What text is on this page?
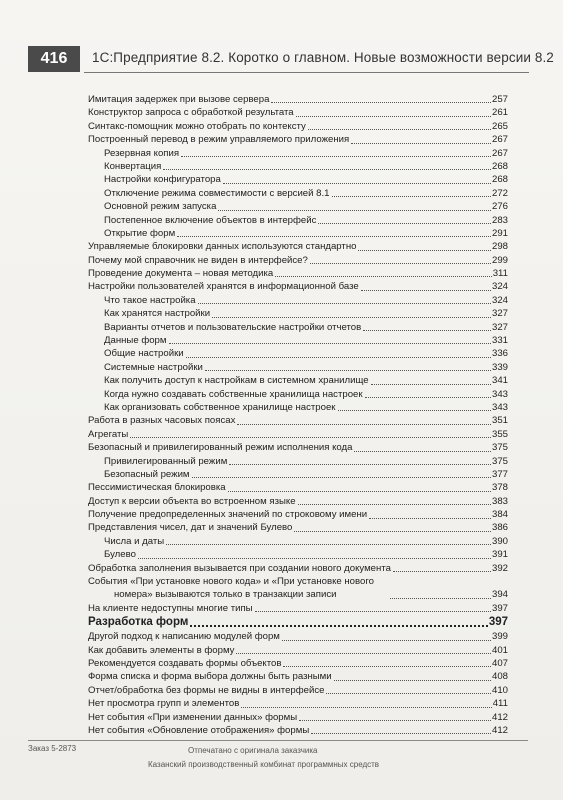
416	1С:Предприятие 8.2. Коротко о главном. Новые возможности версии 8.2
Имитация задержек при вызове сервера	257
Конструктор запроса с обработкой результата	261
Синтакс-помощник можно отобрать по контексту	265
Построенный перевод в режим управляемого приложения	267
Резервная копия	267
Конвертация	268
Настройки конфигуратора	268
Отключение режима совместимости с версией 8.1	272
Основной режим запуска	276
Постепенное включение объектов в интерфейс	283
Открытие форм	291
Управляемые блокировки данных используются стандартно	298
Почему мой справочник не виден в интерфейсе?	299
Проведение документа – новая методика	311
Настройки пользователей хранятся в информационной базе	324
Что такое настройка	324
Как хранятся настройки	327
Варианты отчетов и пользовательские настройки отчетов	327
Данные форм	331
Общие настройки	336
Системные настройки	339
Как получить доступ к настройкам в системном хранилище	341
Когда нужно создавать собственные хранилища настроек	343
Как организовать собственное хранилище настроек	343
Работа в разных часовых поясах	351
Агрегаты	355
Безопасный и привилегированный режим исполнения кода	375
Привилегированный режим	375
Безопасный режим	377
Пессимистическая блокировка	378
Доступ к версии объекта во встроенном языке	383
Получение предопределенных значений по строковому имени	384
Представления чисел, дат и значений Булево	386
Числа и даты	390
Булево	391
Обработка заполнения вызывается при создании нового документа	392
События «При установке нового кода» и «При установке нового
номера» вызываются только в транзакции записи	394
На клиенте недоступны многие типы	397
Разработка форм	397
Другой подход к написанию модулей форм	399
Как добавить элементы в форму	401
Рекомендуется создавать формы объектов	407
Форма списка и форма выбора должны быть разными	408
Отчет/обработка без формы не видны в интерфейсе	410
Нет просмотра групп и элементов	411
Нет события «При изменении данных» формы	412
Нет события «Обновление отображения» формы	412
Заказ 5-2873	Отпечатано с оригинала заказчика
Казанский производственный комбинат программных средств
